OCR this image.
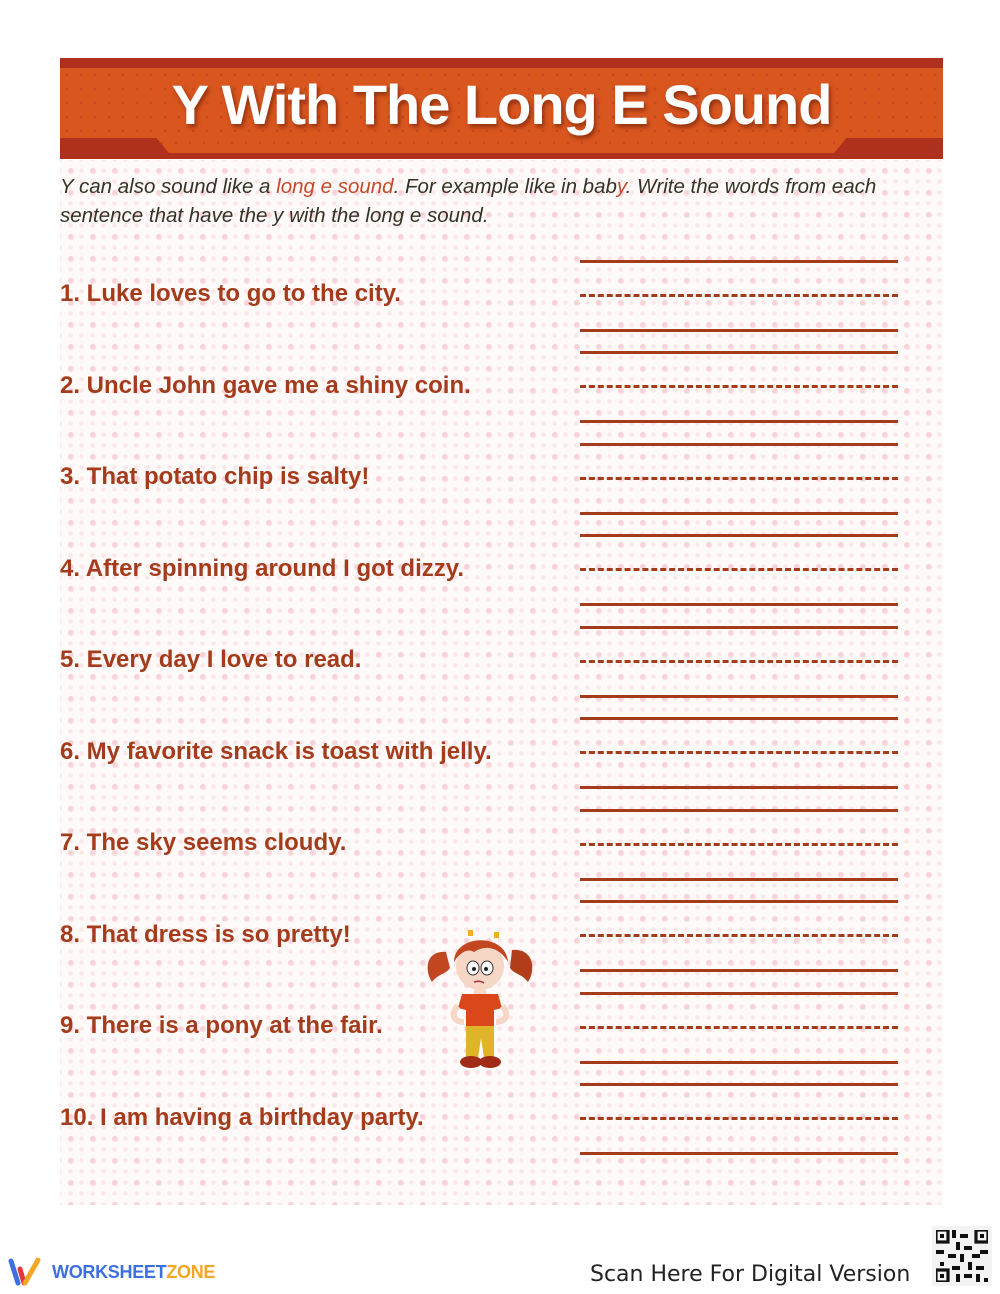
Y With The Long E Sound
Y can also sound like a long e sound. For example like in baby. Write the words from each sentence that have the y with the long e sound.
1. Luke loves to go to the city.
2. Uncle John gave me a shiny coin.
3. That potato chip is salty!
4. After spinning around I got dizzy.
5. Every day I love to read.
6. My favorite snack is toast with jelly.
7. The sky seems cloudy.
8. That dress is so pretty!
9. There is a pony at the fair.
10. I am having a birthday party.
WORKSHEETZONE	Scan Here For Digital Version
